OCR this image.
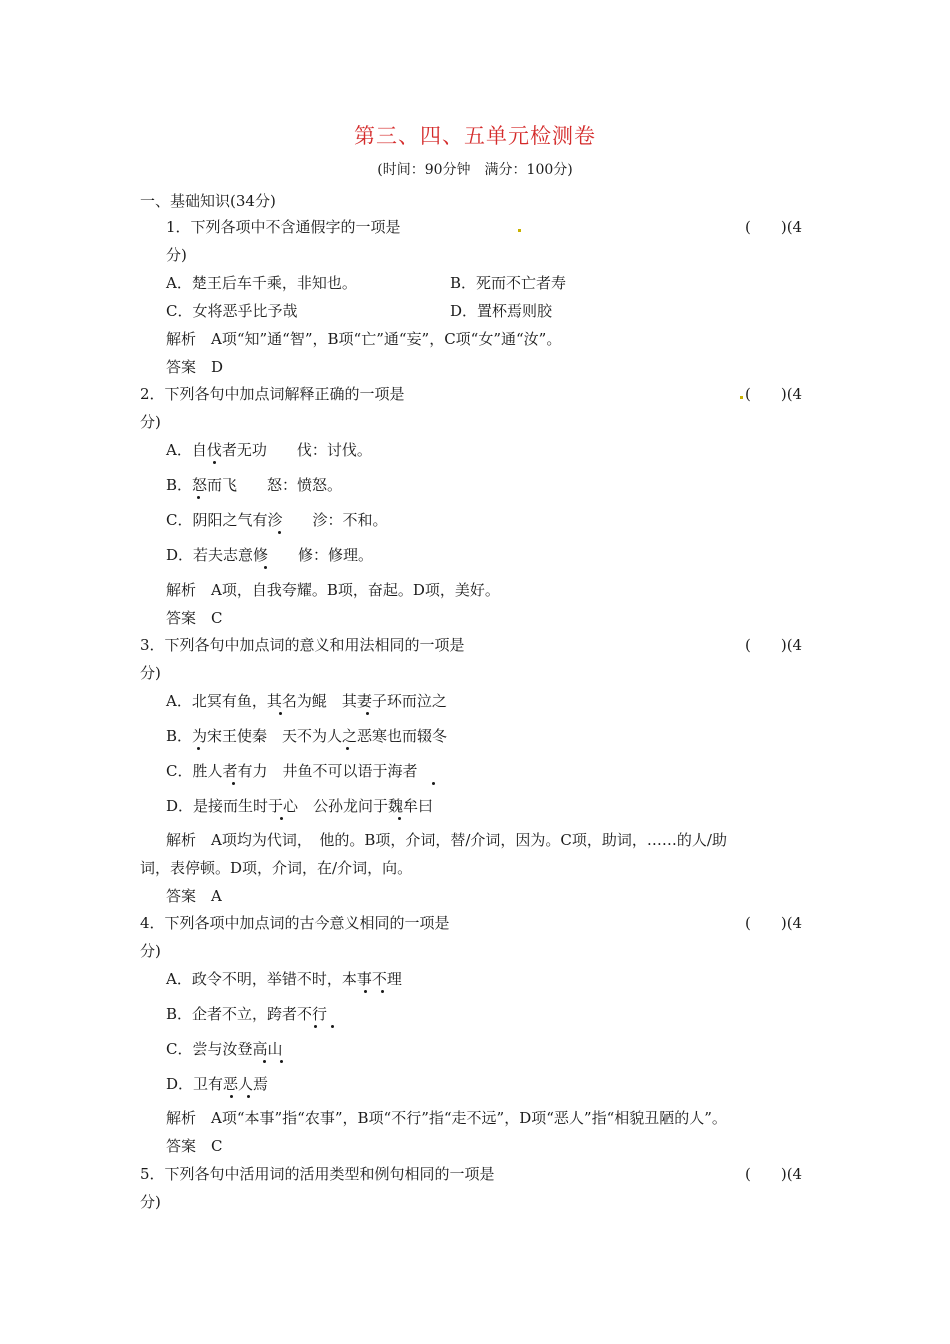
第三、四、五单元检测卷
(时间：90分钟　满分：100分)
一、基础知识(34分)
1．下列各项中不含通假字的一项是	(　　)(4
分)
A．楚王后车千乘，非知也。	B．死而不亡者寿
C．女将恶乎比予哉	D．置杯焉则胶
解析　A项“知”通“智”，B项“亡”通“妄”，C项“女”通“汝”。
答案　D
2．下列各句中加点词解释正确的一项是	(　　)(4
分)
A．自伐者无功　　伐：讨伐。
B．怒而飞　　怒：愤怒。
C．阴阳之气有沴　　沴：不和。
D．若夫志意修　　修：修理。
解析　A项，自我夸耀。B项，奋起。D项，美好。
答案　C
3．下列各句中加点词的意义和用法相同的一项是	(　　)(4
分)
A．北冥有鱼，其名为鲲　其妻子环而泣之
B．为宋王使秦　天不为人之恶寒也而辍冬
C．胜人者有力　井鱼不可以语于海者
D．是接而生时于心　公孙龙问于魏牟曰
解析　A项均为代词，　他的。B项，介词，替/介词，因为。C项，助词，……的人/助
词，表停顿。D项，介词，在/介词，向。
答案　A
4．下列各项中加点词的古今意义相同的一项是	(　　)(4
分)
A．政令不明，举错不时，本事不理
B．企者不立，跨者不行
C．尝与汝登高山
D．卫有恶人焉
解析　A项“本事”指“农事”，B项“不行”指“走不远”，D项“恶人”指“相貌丑陋的人”。
答案　C
5．下列各句中活用词的活用类型和例句相同的一项是	(　　)(4
分)
